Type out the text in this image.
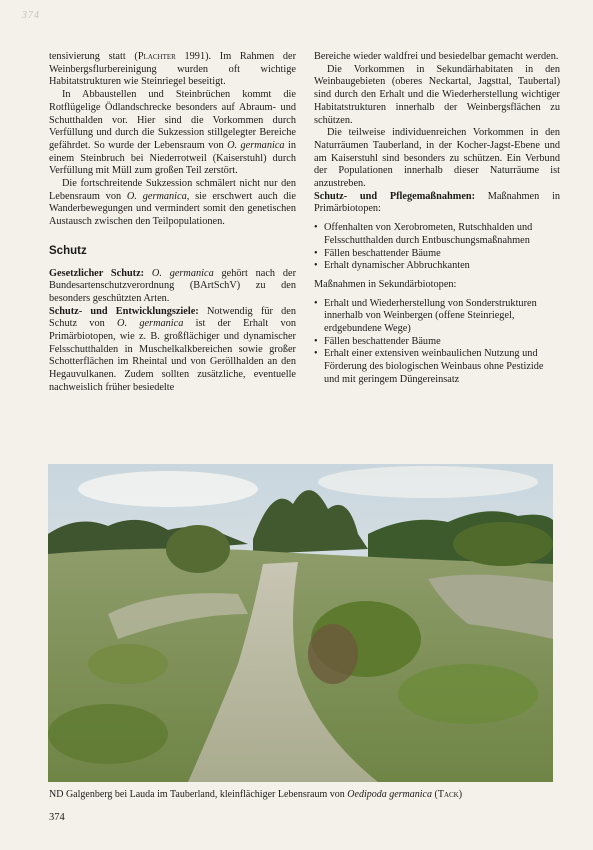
374

tensivierung statt (Plachter 1991). Im Rahmen der Weinbergsflurbereinigung wurden oft wichtige Habitatstrukturen wie Steinriegel beseitigt.

In Abbaustellen und Steinbrüchen kommt die Rotflügelige Ödlandschrecke besonders auf Abraum- und Schutthalden vor. Hier sind die Vorkommen durch Verfüllung und durch die Sukzession stillgelegter Bereiche gefährdet. So wurde der Lebensraum von O. germanica in einem Steinbruch bei Niederrotweil (Kaiserstuhl) durch Verfüllung mit Müll zum großen Teil zerstört.

Die fortschreitende Sukzession schmälert nicht nur den Lebensraum von O. germanica, sie erschwert auch die Wanderbewegungen und vermindert somit den genetischen Austausch zwischen den Teilpopulationen.

Schutz

Gesetzlicher Schutz: O. germanica gehört nach der Bundesartenschutzverordnung (BArtSchV) zu den besonders geschützten Arten.

Schutz- und Entwicklungsziele: Notwendig für den Schutz von O. germanica ist der Erhalt von Primärbiotopen, wie z. B. großflächiger und dynamischer Felsschutthalden in Muschelkalkbereichen sowie großer Schotterflächen im Rheintal und von Geröllhalden an den Hegauvulkanen. Zudem sollten zusätzliche, eventuelle nachweislich früher besiedelte

Bereiche wieder waldfrei und besiedelbar gemacht werden.

Die Vorkommen in Sekundärhabitaten in den Weinbaugebieten (oberes Neckartal, Jagsttal, Taubertal) sind durch den Erhalt und die Wiederherstellung wichtiger Habitatstrukturen innerhalb der Weinbergsflächen zu schützen.

Die teilweise individuenreichen Vorkommen in den Naturräumen Tauberland, in der Kocher-Jagst-Ebene und am Kaiserstuhl sind besonders zu schützen. Ein Verbund der Populationen innerhalb dieser Naturräume ist anzustreben.

Schutz- und Pflegemaßnahmen: Maßnahmen in Primärbiotopen:

• Offenhalten von Xerobrometen, Rutschhalden und Felsschutthalden durch Entbuschungsmaßnahmen
• Fällen beschattender Bäume
• Erhalt dynamischer Abbruchkanten

Maßnahmen in Sekundärbiotopen:

• Erhalt und Wiederherstellung von Sonderstrukturen innerhalb von Weinbergen (offene Steinriegel, erdgebundene Wege)
• Fällen beschattender Bäume
• Erhalt einer extensiven weinbaulichen Nutzung und Förderung des biologischen Weinbaus ohne Pestizide und mit geringem Düngereinsatz
ND Galgenberg bei Lauda im Tauberland, kleinflächiger Lebensraum von Oedipoda germanica (Tack)
374
